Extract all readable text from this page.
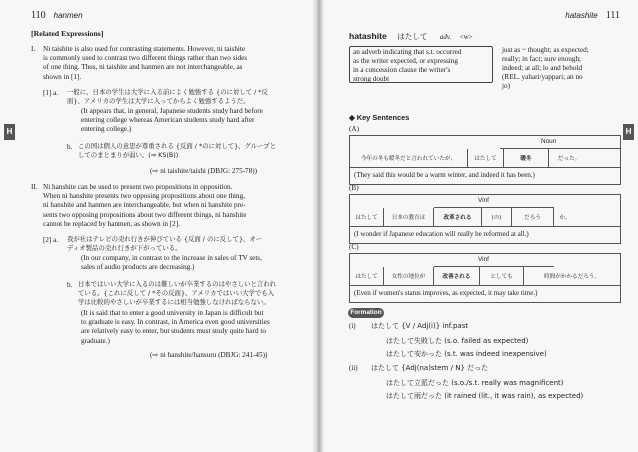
110 hanmen
H
[Related Expressions]
I. Ni taishite is also used for contrasting statements. However, ni taishite
is commonly used to contrast two different things rather than two sides
of one thing. Thus, ni taishite and hanmen are not interchangeable, as
shown in [1].
[1] a. 一般に、日本の学生は大学に入る前によく勉強する {のに対して / *反
面}、アメリカの学生は大学に入ってからよく勉強するようだ。
(It appears that, in general, Japanese students study hard before
entering college whereas American students study hard after
entering college.)
b. この国は個人の意思が尊重される {反面 / *のに対して}、グループと
してのまとまりが弱い。(⇒ KS(B))
(⇨ ni taishite/taishi (DBJG: 275-78))
II. Ni hanshite can be used to present two propositions in opposition.
When ni hanshite presents two opposing propositions about one thing,
ni hanshite and hanmen are interchangeable, but when ni hanshite pre-
sents two opposing propositions about two different things, ni hanshite
cannot be replaced by hanmen, as shown in [2].
[2] a. 我が社はテレビの売れ行きが伸びている {反面 / のに反して}、オー
ディオ製品の売れ行きが下がっている。
(In our company, in contrast to the increase in sales of TV sets,
sales of audio products are decreasing.)
b. 日本ではいい大学に入るのは難しいが卒業するのはやさしいと言われ
ている。{これに反して / *その反面}、アメリカではいい大学でも入
学は比較的やさしいが卒業するには相当勉強しなければならない。
(It is said that to enter a good university in Japan is difficult but
to graduate is easy. In contrast, in America even good universities
are relatively easy to enter, but students must study quite hard to
graduate.)
(⇨ ni hanshite/hansuru (DBJG: 241-45))
hatashite 111
H
hatashite はたして adv. <w>
an adverb indicating that s.t. occurred
as the writer expected, or expressing
in a concession clause the writer's
strong doubt
just as ~ thought; as expected;
really; in fact; sure enough;
indeed; at all; lo and behold
(REL. yahari/yappari; an no
jo)
◆ Key Sentences
(A)
Noun
今年の冬も暖冬だと言われていたが、	はたして	暖冬	だった。
(They said this would be a warm winter, and indeed it has been.)
(B)
Vinf
はたして	日本の教育は	改革される	(の)	だろう	か。
(I wonder if Japanese education will really be reformed at all.)
(C)
Vinf
はたして	女性の地位が	改善される	としても	時間がかかるだろう。
(Even if women's status improves, as expected, it may take time.)
Formation
(i) はたして {V / Adj(i)} inf.past
はたして失敗した (s.o. failed as expected)
はたして安かった (s.t. was indeed inexpensive)
(ii) はたして {Adj(na)stem / N} だった
はたして立派だった (s.o./s.t. really was magnificent)
はたして雨だった (it rained (lit., it was rain), as expected)
